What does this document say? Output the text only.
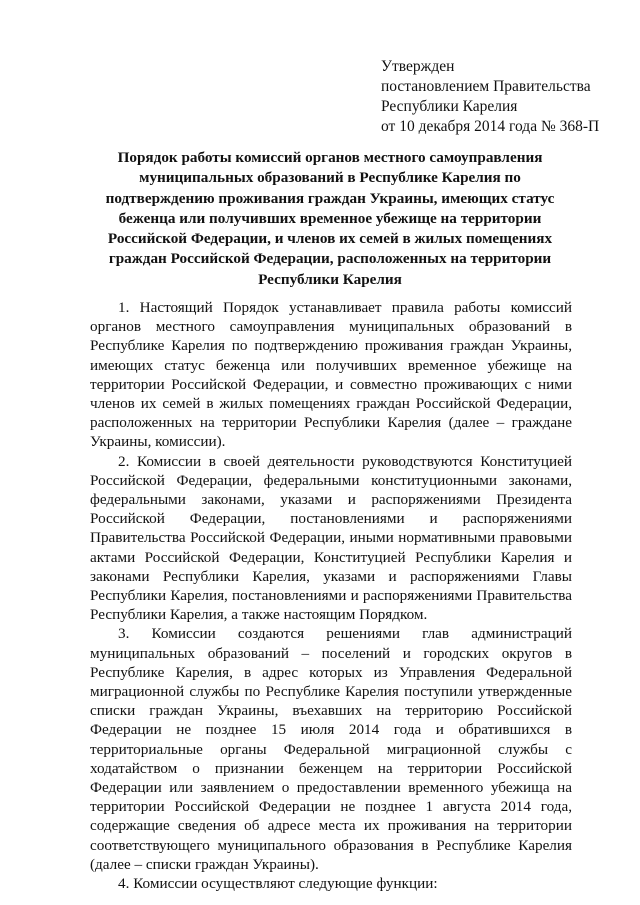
Утвержден
постановлением Правительства
Республики Карелия
от 10 декабря 2014 года № 368-П
Порядок работы комиссий органов местного самоуправления муниципальных образований в Республике Карелия по подтверждению проживания граждан Украины, имеющих статус беженца или получивших временное убежище на территории Российской Федерации, и членов их семей в жилых помещениях граждан Российской Федерации, расположенных на территории Республики Карелия

1. Настоящий Порядок устанавливает правила работы комиссий органов местного самоуправления муниципальных образований в Республике Карелия по подтверждению проживания граждан Украины, имеющих статус беженца или получивших временное убежище на территории Российской Федерации, и совместно проживающих с ними членов их семей в жилых помещениях граждан Российской Федерации, расположенных на территории Республики Карелия (далее – граждане Украины, комиссии).

2. Комиссии в своей деятельности руководствуются Конституцией Российской Федерации, федеральными конституционными законами, федеральными законами, указами и распоряжениями Президента Российской Федерации, постановлениями и распоряжениями Правительства Российской Федерации, иными нормативными правовыми актами Российской Федерации, Конституцией Республики Карелия и законами Республики Карелия, указами и распоряжениями Главы Республики Карелия, постановлениями и распоряжениями Правительства Республики Карелия, а также настоящим Порядком.

3. Комиссии создаются решениями глав администраций муниципальных образований – поселений и городских округов в Республике Карелия, в адрес которых из Управления Федеральной миграционной службы по Республике Карелия поступили утвержденные списки граждан Украины, въехавших на территорию Российской Федерации не позднее 15 июля 2014 года и обратившихся в территориальные органы Федеральной миграционной службы с ходатайством о признании беженцем на территории Российской Федерации или заявлением о предоставлении временного убежища на территории Российской Федерации не позднее 1 августа 2014 года, содержащие сведения об адресе места их проживания на территории соответствующего муниципального образования в Республике Карелия (далее – списки граждан Украины).

4. Комиссии осуществляют следующие функции:
